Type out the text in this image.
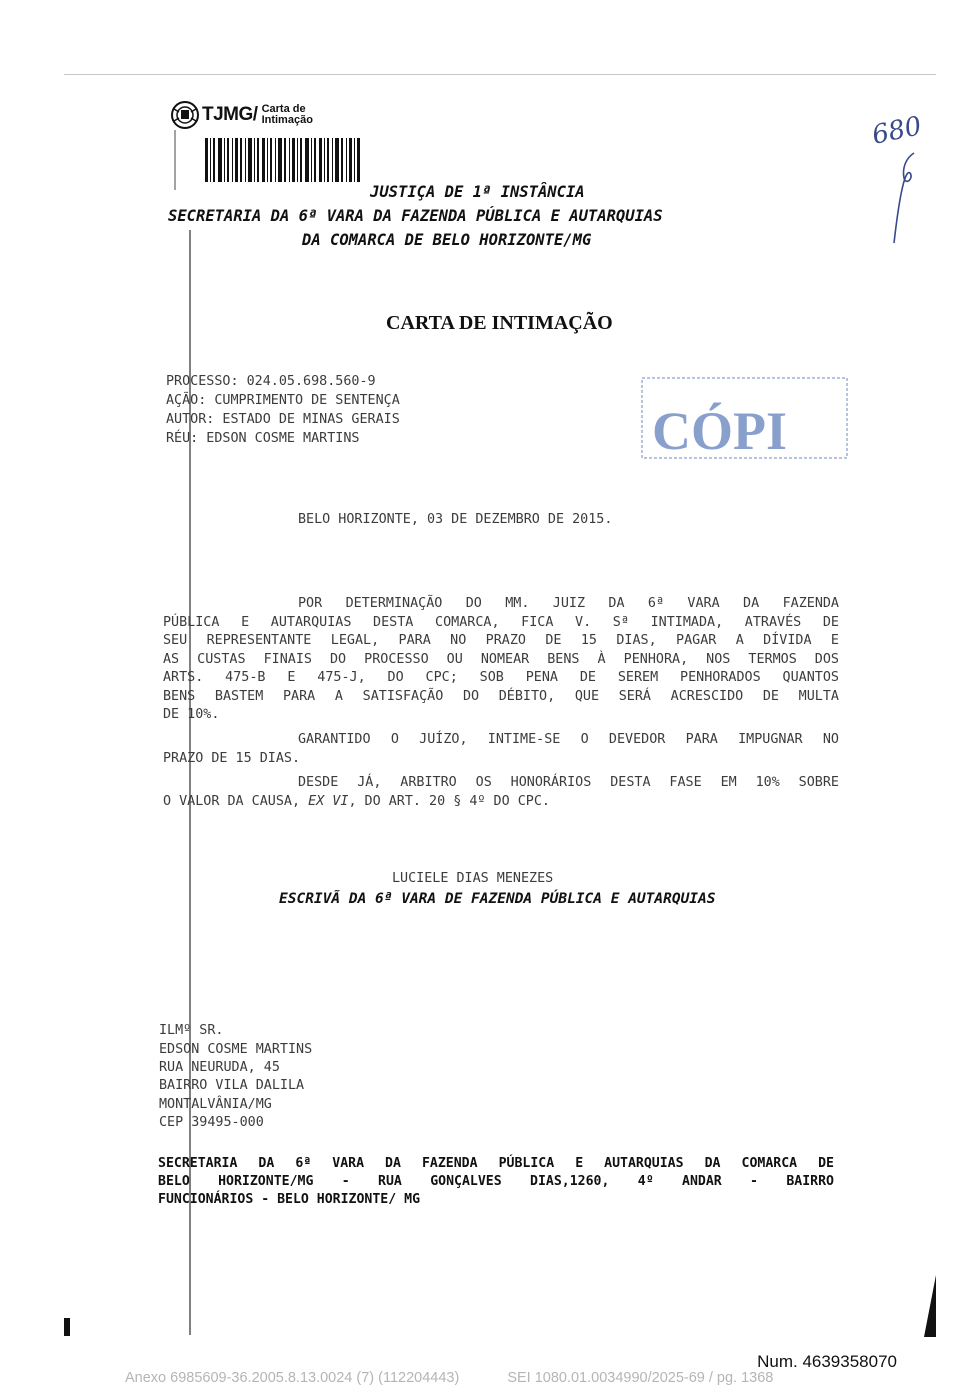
TJMG/ Carta de
Intimação	680
JUSTIÇA DE 1ª INSTÂNCIA
SECRETARIA DA 6ª VARA DA FAZENDA PÚBLICA E AUTARQUIAS
DA COMARCA DE BELO HORIZONTE/MG
CARTA DE INTIMAÇÃO
PROCESSO: 024.05.698.560-9
AÇÃO: CUMPRIMENTO DE SENTENÇA
AUTOR: ESTADO DE MINAS GERAIS
RÉU: EDSON COSME MARTINS	CÓPI
BELO HORIZONTE, 03 DE DEZEMBRO DE 2015.
POR DETERMINAÇÃO DO MM. JUIZ DA 6ª VARA DA FAZENDA
PÚBLICA E AUTARQUIAS DESTA COMARCA, FICA V. Sª INTIMADA, ATRAVÉS DE
SEU REPRESENTANTE LEGAL, PARA NO PRAZO DE 15 DIAS, PAGAR A DÍVIDA E
AS CUSTAS FINAIS DO PROCESSO OU NOMEAR BENS À PENHORA, NOS TERMOS DOS
ARTS. 475-B E 475-J, DO CPC; SOB PENA DE SEREM PENHORADOS QUANTOS
BENS BASTEM PARA A SATISFAÇÃO DO DÉBITO, QUE SERÁ ACRESCIDO DE MULTA
DE 10%.
GARANTIDO O JUÍZO, INTIME-SE O DEVEDOR PARA IMPUGNAR NO
PRAZO DE 15 DIAS.
DESDE JÁ, ARBITRO OS HONORÁRIOS DESTA FASE EM 10% SOBRE
O VALOR DA CAUSA, EX VI, DO ART. 20 § 4º DO CPC.
LUCIELE DIAS MENEZES
ESCRIVÃ DA 6ª VARA DE FAZENDA PÚBLICA E AUTARQUIAS
ILMº SR.
EDSON COSME MARTINS
RUA NEURUDA, 45
BAIRRO VILA DALILA
MONTALVÂNIA/MG
CEP 39495-000
SECRETARIA DA 6ª VARA DA FAZENDA PÚBLICA E AUTARQUIAS DA COMARCA DE
BELO HORIZONTE/MG - RUA GONÇALVES DIAS,1260, 4º ANDAR - BAIRRO
FUNCIONÁRIOS - BELO HORIZONTE/ MG
Num. 4639358070
Anexo 6985609-36.2005.8.13.0024 (7) (112204443)	SEI 1080.01.0034990/2025-69 / pg. 1368
